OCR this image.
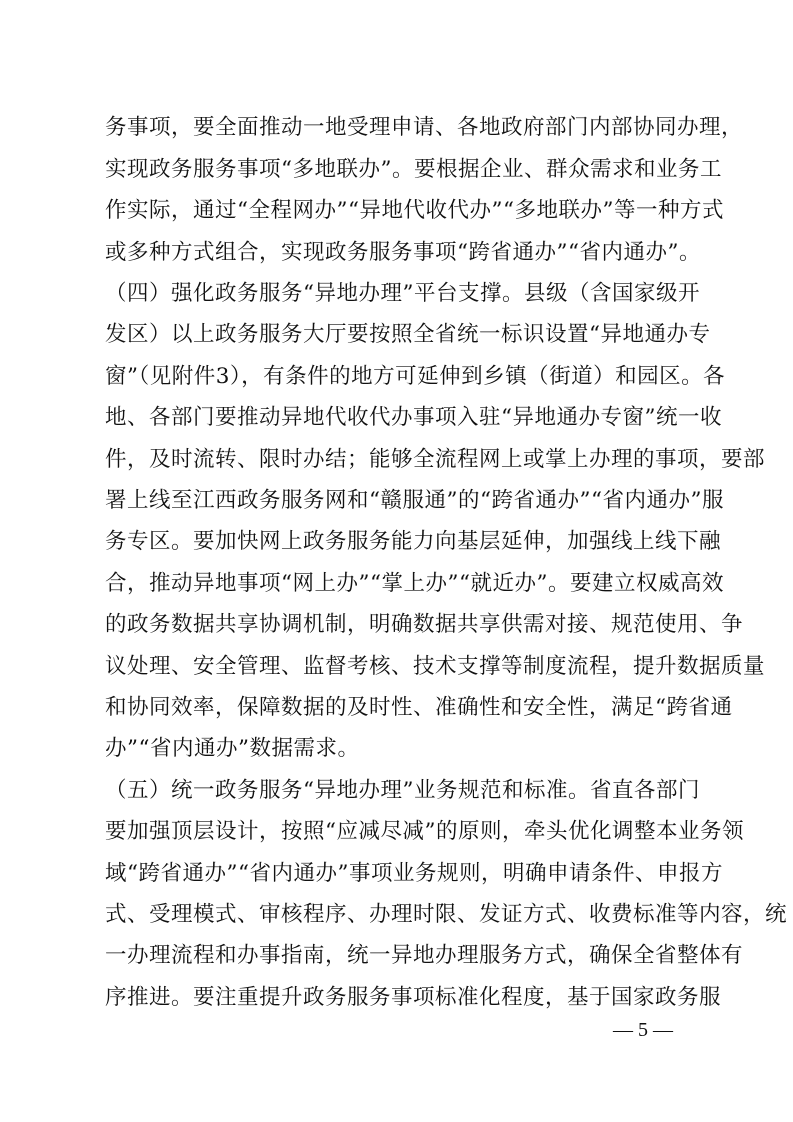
务事项，要全面推动一地受理申请、各地政府部门内部协同办理，
实现政务服务事项“多地联办”。要根据企业、群众需求和业务工
作实际，通过“全程网办”“异地代收代办”“多地联办”等一种方式
或多种方式组合，实现政务服务事项“跨省通办”“省内通办”。
（四）强化政务服务“异地办理”平台支撑。县级（含国家级开
发区）以上政务服务大厅要按照全省统一标识设置“异地通办专
窗”（见附件3），有条件的地方可延伸到乡镇（街道）和园区。各
地、各部门要推动异地代收代办事项入驻“异地通办专窗”统一收
件，及时流转、限时办结；能够全流程网上或掌上办理的事项，要部
署上线至江西政务服务网和“赣服通”的“跨省通办”“省内通办”服
务专区。要加快网上政务服务能力向基层延伸，加强线上线下融
合，推动异地事项“网上办”“掌上办”“就近办”。要建立权威高效
的政务数据共享协调机制，明确数据共享供需对接、规范使用、争
议处理、安全管理、监督考核、技术支撑等制度流程，提升数据质量
和协同效率，保障数据的及时性、准确性和安全性，满足“跨省通
办”“省内通办”数据需求。
（五）统一政务服务“异地办理”业务规范和标准。省直各部门
要加强顶层设计，按照“应减尽减”的原则，牵头优化调整本业务领
域“跨省通办”“省内通办”事项业务规则，明确申请条件、申报方
式、受理模式、审核程序、办理时限、发证方式、收费标准等内容，统
一办理流程和办事指南，统一异地办理服务方式，确保全省整体有
序推进。要注重提升政务服务事项标准化程度，基于国家政务服
— 5 —
